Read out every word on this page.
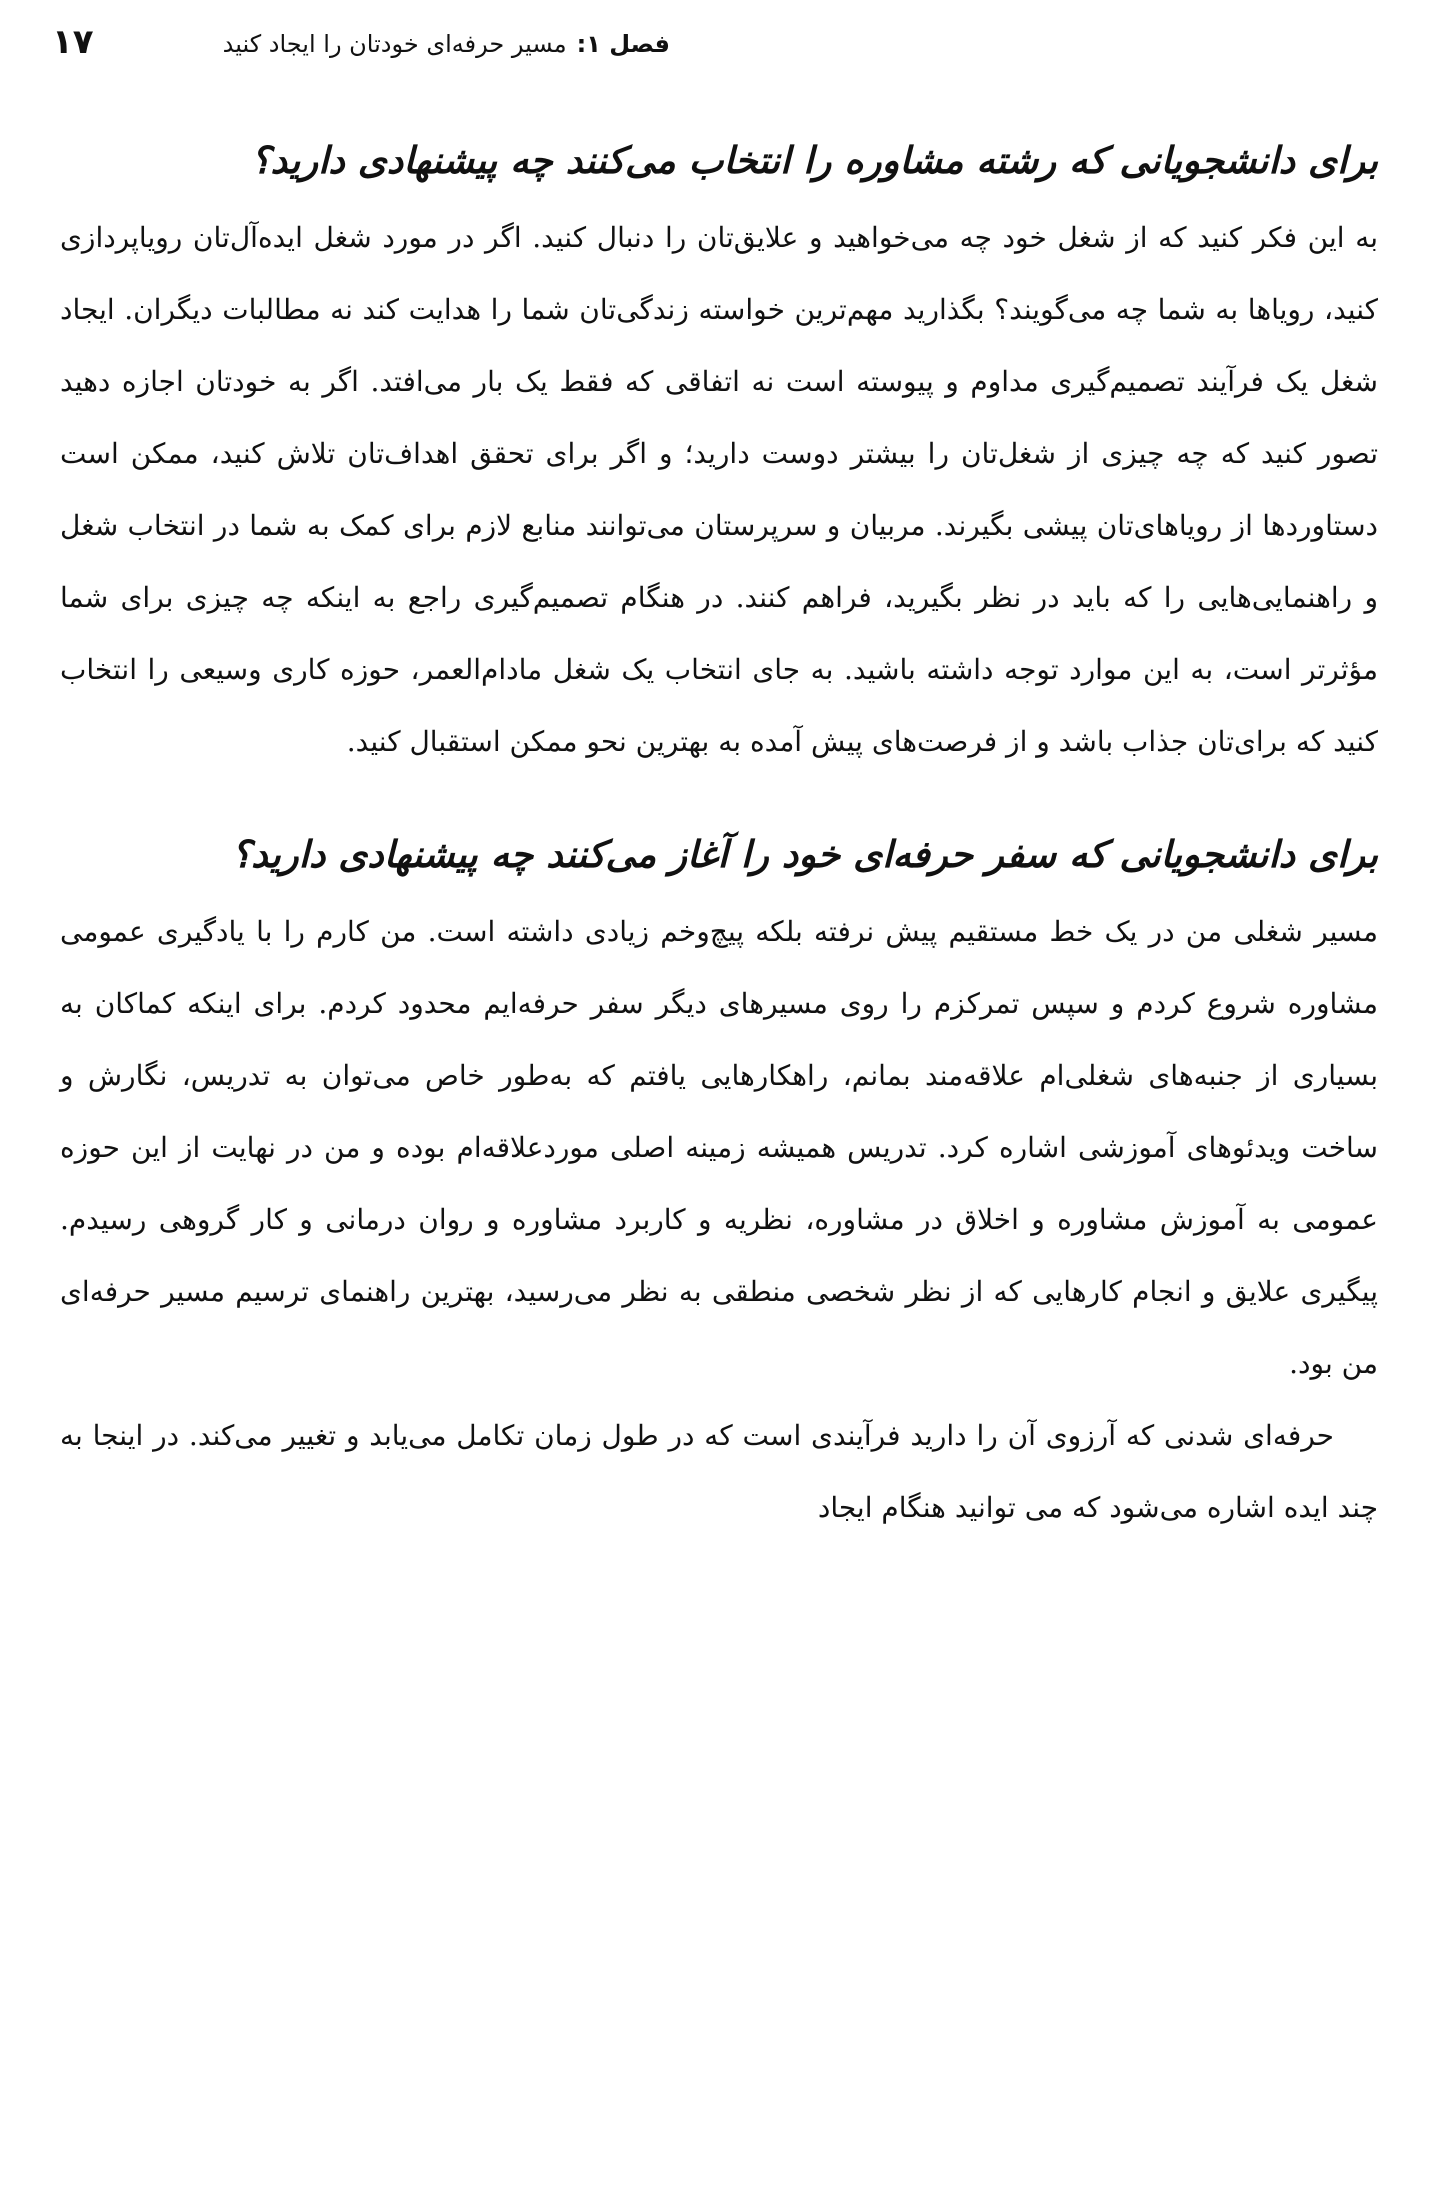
فصل ۱:
مسیر حرفه‌ای خودتان را ایجاد کنید
۱۷
برای دانشجویانی که رشته مشاوره را انتخاب می‌کنند چه پیشنهادی دارید؟

به این فکر کنید که از شغل خود چه می‌خواهید و علایق‌تان را دنبال کنید. اگر در مورد شغل ایده‌آل‌تان رویاپردازی کنید، رویاها به شما چه می‌گویند؟ بگذارید مهم‌ترین خواسته زندگی‌تان شما را هدایت کند نه مطالبات دیگران. ایجاد شغل یک فرآیند تصمیم‌گیری مداوم و پیوسته است نه اتفاقی که فقط یک بار می‌افتد. اگر به خودتان اجازه دهید تصور کنید که چه چیزی از شغل‌تان را بیشتر دوست دارید؛ و اگر برای تحقق اهداف‌تان تلاش کنید، ممکن است دستاوردها از رویاهای‌تان پیشی بگیرند. مربیان و سرپرستان می‌توانند منابع لازم برای کمک به شما در انتخاب شغل و راهنمایی‌هایی را که باید در نظر بگیرید، فراهم کنند. در هنگام تصمیم‌گیری راجع به اینکه چه چیزی برای شما مؤثرتر است، به این موارد توجه داشته باشید. به جای انتخاب یک شغل مادام‌العمر، حوزه کاری وسیعی را انتخاب کنید که برای‌تان جذاب باشد و از فرصت‌های پیش آمده به بهترین نحو ممکن استقبال کنید.

برای دانشجویانی که سفر حرفه‌ای خود را آغاز می‌کنند چه پیشنهادی دارید؟

مسیر شغلی من در یک خط مستقیم پیش نرفته بلکه پیچ‌وخم زیادی داشته است. من کارم را با یادگیری عمومی مشاوره شروع کردم و سپس تمرکزم را روی مسیرهای دیگر سفر حرفه‌ایم محدود کردم. برای اینکه کماکان به بسیاری از جنبه‌های شغلی‌ام علاقه‌مند بمانم، راهکارهایی یافتم که به‌طور خاص می‌توان به تدریس، نگارش و ساخت ویدئوهای آموزشی اشاره کرد. تدریس همیشه زمینه اصلی موردعلاقه‌ام بوده و من در نهایت از این حوزه عمومی به آموزش مشاوره و اخلاق در مشاوره، نظریه و کاربرد مشاوره و روان درمانی و کار گروهی رسیدم. پیگیری علایق و انجام کارهایی که از نظر شخصی منطقی به نظر می‌رسید، بهترین راهنمای ترسیم مسیر حرفه‌ای من بود.

حرفه‌ای شدنی که آرزوی آن را دارید فرآیندی است که در طول زمان تکامل می‌یابد و تغییر می‌کند. در اینجا به چند ایده اشاره می‌شود که می توانید هنگام ایجاد
